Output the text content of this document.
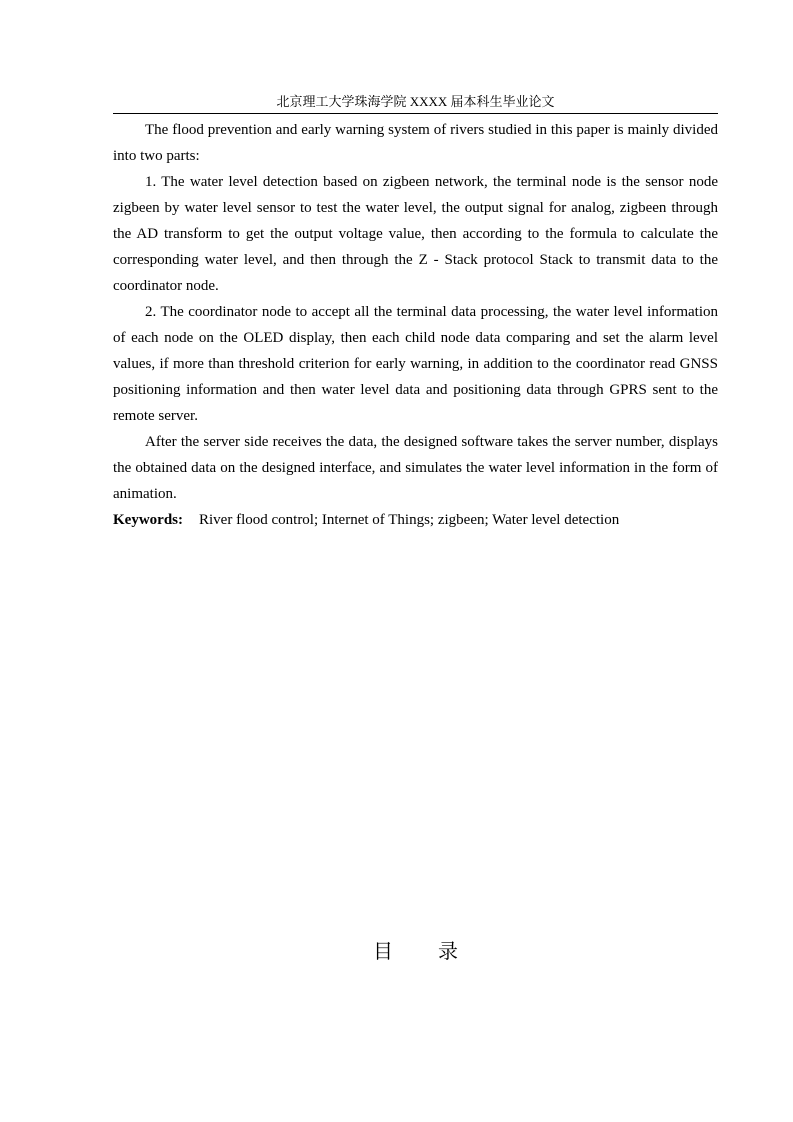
北京理工大学珠海学院 XXXX 届本科生毕业论文

The flood prevention and early warning system of rivers studied in this paper is mainly divided into two parts:

1. The water level detection based on zigbeen network, the terminal node is the sensor node zigbeen by water level sensor to test the water level, the output signal for analog, zigbeen through the AD transform to get the output voltage value, then according to the formula to calculate the corresponding water level, and then through the Z - Stack protocol Stack to transmit data to the coordinator node.

2. The coordinator node to accept all the terminal data processing, the water level information of each node on the OLED display, then each child node data comparing and set the alarm level values, if more than threshold criterion for early warning, in addition to the coordinator read GNSS positioning information and then water level data and positioning data through GPRS sent to the remote server.

After the server side receives the data, the designed software takes the server number, displays the obtained data on the designed interface, and simulates the water level information in the form of animation.

Keywords: River flood control; Internet of Things; zigbeen; Water level detection

目 录
